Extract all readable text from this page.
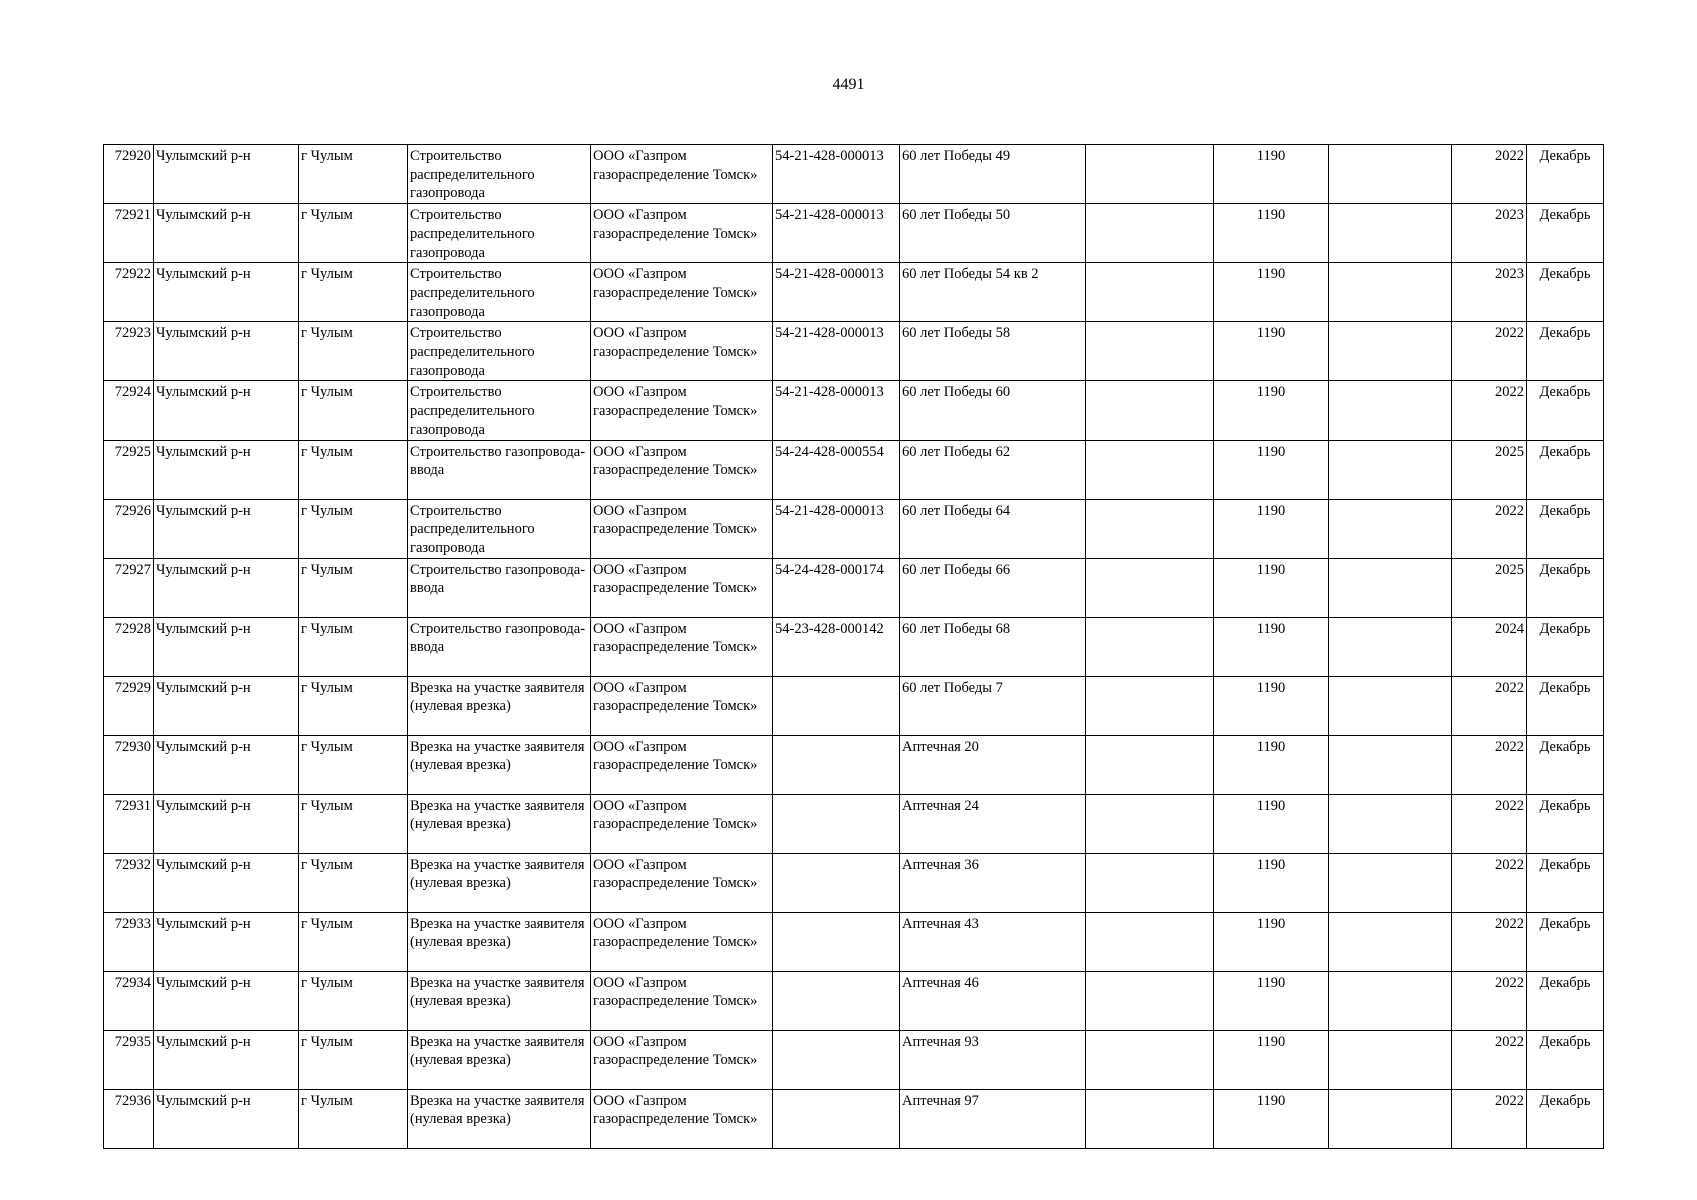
4491
72920	Чулымский р-н	г Чулым	Строительство распределительного газопровода	ООО «Газпром газораспределение Томск»	54-21-428-000013	60 лет Победы 49		1190		2022	Декабрь
72921	Чулымский р-н	г Чулым	Строительство распределительного газопровода	ООО «Газпром газораспределение Томск»	54-21-428-000013	60 лет Победы 50		1190		2023	Декабрь
72922	Чулымский р-н	г Чулым	Строительство распределительного газопровода	ООО «Газпром газораспределение Томск»	54-21-428-000013	60 лет Победы 54 кв 2		1190		2023	Декабрь
72923	Чулымский р-н	г Чулым	Строительство распределительного газопровода	ООО «Газпром газораспределение Томск»	54-21-428-000013	60 лет Победы 58		1190		2022	Декабрь
72924	Чулымский р-н	г Чулым	Строительство распределительного газопровода	ООО «Газпром газораспределение Томск»	54-21-428-000013	60 лет Победы 60		1190		2022	Декабрь
72925	Чулымский р-н	г Чулым	Строительство газопровода-ввода	ООО «Газпром газораспределение Томск»	54-24-428-000554	60 лет Победы 62		1190		2025	Декабрь
72926	Чулымский р-н	г Чулым	Строительство распределительного газопровода	ООО «Газпром газораспределение Томск»	54-21-428-000013	60 лет Победы 64		1190		2022	Декабрь
72927	Чулымский р-н	г Чулым	Строительство газопровода-ввода	ООО «Газпром газораспределение Томск»	54-24-428-000174	60 лет Победы 66		1190		2025	Декабрь
72928	Чулымский р-н	г Чулым	Строительство газопровода-ввода	ООО «Газпром газораспределение Томск»	54-23-428-000142	60 лет Победы 68		1190		2024	Декабрь
72929	Чулымский р-н	г Чулым	Врезка на участке заявителя (нулевая врезка)	ООО «Газпром газораспределение Томск»		60 лет Победы 7		1190		2022	Декабрь
72930	Чулымский р-н	г Чулым	Врезка на участке заявителя (нулевая врезка)	ООО «Газпром газораспределение Томск»		Аптечная 20		1190		2022	Декабрь
72931	Чулымский р-н	г Чулым	Врезка на участке заявителя (нулевая врезка)	ООО «Газпром газораспределение Томск»		Аптечная 24		1190		2022	Декабрь
72932	Чулымский р-н	г Чулым	Врезка на участке заявителя (нулевая врезка)	ООО «Газпром газораспределение Томск»		Аптечная 36		1190		2022	Декабрь
72933	Чулымский р-н	г Чулым	Врезка на участке заявителя (нулевая врезка)	ООО «Газпром газораспределение Томск»		Аптечная 43		1190		2022	Декабрь
72934	Чулымский р-н	г Чулым	Врезка на участке заявителя (нулевая врезка)	ООО «Газпром газораспределение Томск»		Аптечная 46		1190		2022	Декабрь
72935	Чулымский р-н	г Чулым	Врезка на участке заявителя (нулевая врезка)	ООО «Газпром газораспределение Томск»		Аптечная 93		1190		2022	Декабрь
72936	Чулымский р-н	г Чулым	Врезка на участке заявителя (нулевая врезка)	ООО «Газпром газораспределение Томск»		Аптечная 97		1190		2022	Декабрь
